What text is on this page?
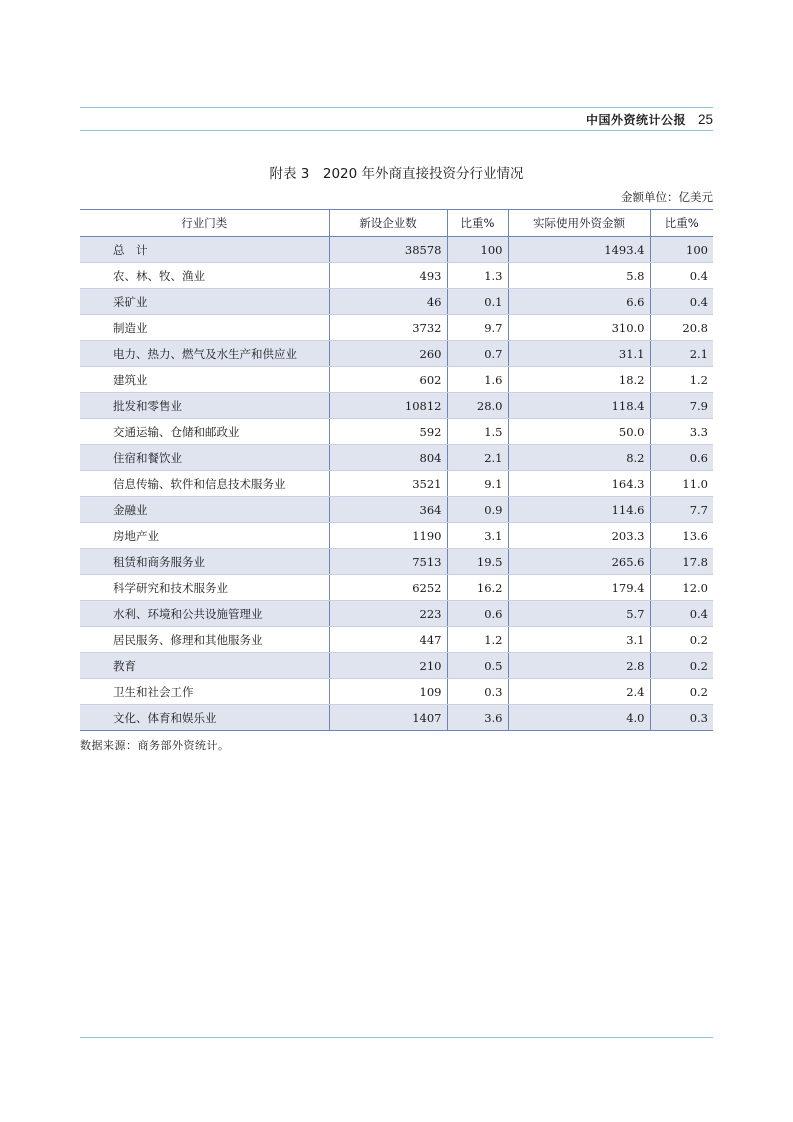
中国外资统计公报 25
附表 3　2020 年外商直接投资分行业情况
金额单位：亿美元
行业门类	新设企业数	比重%	实际使用外资金额	比重%
总　计	38578	100	1493.4	100
农、林、牧、渔业	493	1.3	5.8	0.4
采矿业	46	0.1	6.6	0.4
制造业	3732	9.7	310.0	20.8
电力、热力、燃气及水生产和供应业	260	0.7	31.1	2.1
建筑业	602	1.6	18.2	1.2
批发和零售业	10812	28.0	118.4	7.9
交通运输、仓储和邮政业	592	1.5	50.0	3.3
住宿和餐饮业	804	2.1	8.2	0.6
信息传输、软件和信息技术服务业	3521	9.1	164.3	11.0
金融业	364	0.9	114.6	7.7
房地产业	1190	3.1	203.3	13.6
租赁和商务服务业	7513	19.5	265.6	17.8
科学研究和技术服务业	6252	16.2	179.4	12.0
水利、环境和公共设施管理业	223	0.6	5.7	0.4
居民服务、修理和其他服务业	447	1.2	3.1	0.2
教育	210	0.5	2.8	0.2
卫生和社会工作	109	0.3	2.4	0.2
文化、体育和娱乐业	1407	3.6	4.0	0.3
数据来源：商务部外资统计。
